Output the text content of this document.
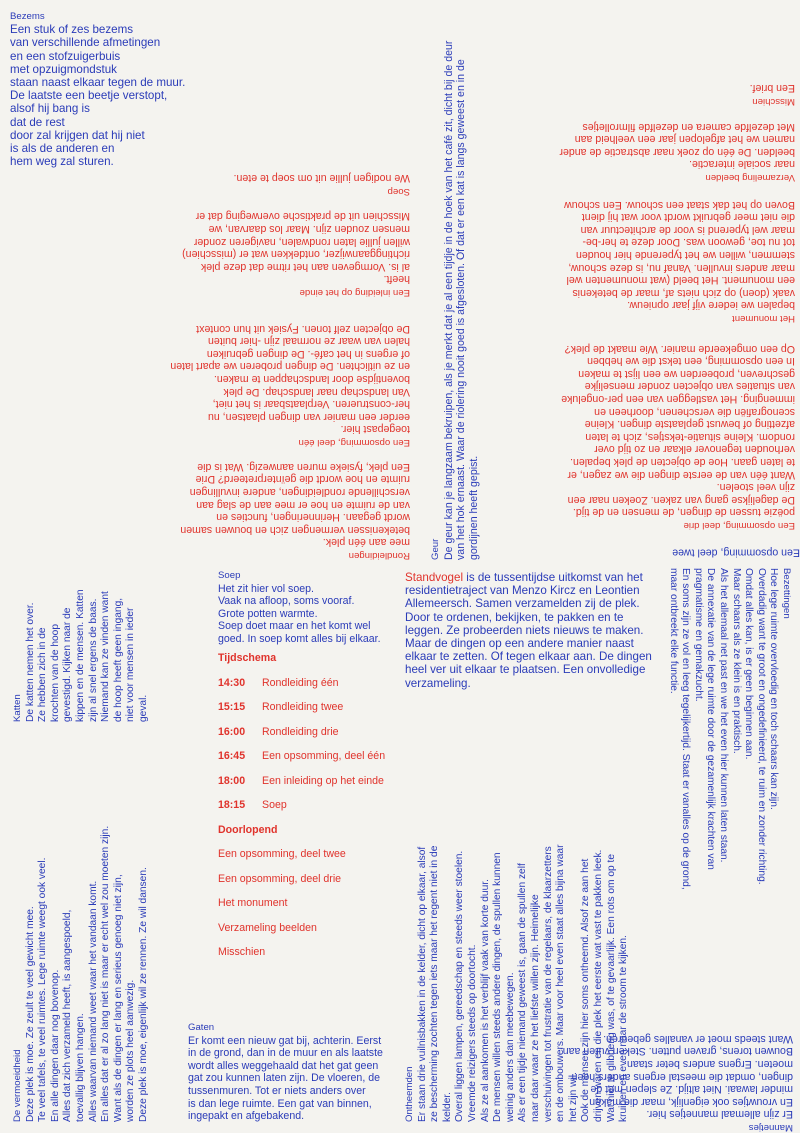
Bezems
Een stuk of zes bezems
van verschillende afmetingen
en een stofzuigerbuis
met opzuigmondstuk
staan naast elkaar tegen de muur.
De laatste een beetje verstopt,
alsof hij bang is
dat de rest
door zal krijgen dat hij niet
is als de anderen en
hem weg zal sturen.
Geur De geur kan je langzaam bekruipen, als je merkt dat je al een tijdje in de hoek van het café zit, dicht bij de deur van het hok ernaast. Waar de riolering nooit goed is afgesloten. Of dat er een kat is langs geweest en in de gordijnen heeft gepist.
Misschien
Een brief.
Verzameling beelden
naar sociale interactie.
beelden. De één op zoek naar abstractie de ander
namen we het afgelopen jaar een veelheid aan
Met dezelfde camera en dezelfde filmrolletjes
Het monument
bepalen we iedere vijf jaar opnieuw.
vaak (doen) op zich niets af, maar de betekenis
een monument. Het beeld (wat monumenten wel
maar anders invullen. Vanaf nu, is deze schouw,
stemmen, willen we het typerende hier houden
tot nu toe, gewoon was. Door deze te her-be-
maar wel typerend is voor de architectuur van
die niet meer gebruikt wordt voor wat hij dient
Boven op het dak staat een schouw. Een schouw
Een opsomming, deel drie
poëzie tussen de dingen, de mensen en de tijd.
De dagelijkse gang van zaken. Zoeken naar een
zijn veel stoelen.
Want één van de eerste dingen die we zagen, er
te laten gaan. Hoe de objecten de plek bepalen.
verhouden tegenover elkaar en zo tijd over
rondom. Kleine situatie-tekstjes, zich te laten
afzetting of bewust geplaatste dingen. Kleine
scenografiën die verschenen, doorheen en
immenging. Het vastleggen van een per-ongeluke
van situaties van objecten zonder menselijke
geschreven, probeerden we een lijst te maken
In een opsomming, een tekst die we hebben
Op een omgekeerde manier. Wie maakt de plek?
Een opsomming, deel twee
Soep
We nodigen jullie uit om soep te eten.
Een inleiding op het einde
heeft.
al is. Vormgeven aan het ritme dat deze plek
richtinggaanwijzer, ontdekken wat er (misschien)
willen jullie laten rondwalen, navigeren zonder
mensen zouden zijn. Maar los daarvan, we
Misschien uit de praktische overweging dat er
Een opsomming, deel één
toegepast hier.
eerder een manier van dingen plaatsen, nu
her-construeren. Verplaatsbaar is het niet,
Van landschap naar landschap. De plek
boventijdse door landschappen te maken.
en ze uitlichten. De dingen proberen we apart laten
of ergens in het café-. De dingen gebruiken
halen van waar ze normaal zijn -hier buiten
De objecten zelf tonen. Fysiek uit hun context
Rondleidingen
mee aan één plek.
betekenissen vermengen zich en bouwen samen
wordt gegaan. Herinneringen, functies en
van de ruimte en hoe er mee aan de slag aan
verschillende rondleidingen, andere invullingen
ruimte en hoe wordt die geïnterpreteerd? Drie
Een plek, fysieke muren aanwezig. Wat is die
Katten De katten nemen het over. Ze hebben zich in de krochten van de hoop gevestigd. Kijken naar de kippen en de mensen. Katten zijn al snel ergens de baas. Niemand kan ze vinden want de hoop heeft geen ingang, niet voor mensen in ieder geval.
De vermoeidheid Deze plek is moe. Ze zeult te veel gewicht mee. Te veel tafels, te veel ruimtes. Lege ruimte weegt ook veel. En alle dingen daar nog bovenop. Alles dat zich verzameld heeft, is aangespoeld, toevallig blijven hangen. Alles waarvan niemand weet waar het vandaan komt. En alles dat er al zo lang niet is maar er echt wel zou moeten zijn. Want als de dingen er lang en serieus genoeg niet zijn, worden ze plots heel aanwezig. Deze plek is moe, eigenlijk wil ze rennen. Ze wil dansen.
Soep
Het zit hier vol soep.
Vaak na afloop, soms vooraf.
Grote potten warmte.
Soep doet maar en het komt wel
goed. In soep komt alles bij elkaar.
Tijdschema
14:30	Rondleiding één
15:15	Rondleiding twee
16:00	Rondleiding drie
16:45	Een opsomming, deel één
18:00	Een inleiding op het einde
18:15	Soep
Doorlopend
Een opsomming, deel twee
Een opsomming, deel drie
Het monument
Verzameling beelden
Misschien
Standvogel is de tussentijdse uitkomst van het
residentietraject van Menzo Kircz en Leontien
Allemeersch. Samen verzamelden zij de plek.
Door te ordenen, bekijken, te pakken en te
leggen. Ze probeerden niets nieuws te maken.
Maar de dingen op een andere manier naast
elkaar te zetten. Of tegen elkaar aan. De dingen
heel ver uit elkaar te plaatsen. Een onvolledige
verzameling.
Bezettingen
Hoe lege ruimte overvloedig en toch schaars kan zijn.
Overdadig want te groot en ongedefinieerd, te ruim en zonder richting.
Omdat alles kan, is er geen beginnen aan.
Maar schaars als ze klein is en praktisch.
Als het allemaal net past en we het even hier kunnen laten staan.
De annexatie van de lege ruimte door de gezamenlijk krachten van
pragmatisme en gemakzucht.
En soms zijn ze vol en leeg tegelijkertijd. Staat er vanalles op de grond,
maar ontbreekt elke functie.
Ontheemden Er staan drie vuilnisbakken in de kelder, dicht op elkaar, alsof ze bescherming zochten tegen iets maar het regent niet in de kelder. Overal liggen lampen, gereedschap en steeds weer stoelen. Vreemde reizigers steeds op doortocht. Als ze al aankomen is het verblijf vaak van korte duur. De mensen willen steeds andere dingen, de spullen kunnen weinig anders dan meebewegen. Als er een tijdje niemand geweest is, gaan de spullen zelf naar daar waar ze het liefste willen zijn. Heimelijke verschuivingen tot frustratie van de regelaars, de klaarzetters en de ombouwers. Maar voor heel even staat alles bijna waar het zijn wil. Ook de mensen zijn hier soms ontheemd. Alsof ze aan het drijven waren en die plek het eerste wat vast te pakken leek. Wat niet te glibberig was, of te gevaarlijk. Een rots om op te kruipen en even naar de stroom te kijken.
Mannetjes
Er zijn allemaal mannetjes hier.
En vrouwtjes ook eigenlijk, maar die maken
minder lawaai. Niet altijd. Ze slepen met de
dingen, omdat die meestal ergens anders heen
moeten. Ergens anders beter staan.
Bouwen torens, graven putten. Steken vuren aan.
Want steeds moet er vanalles gebeuren.
Gaten
Er komt een nieuw gat bij, achterin. Eerst
in de grond, dan in de muur en als laatste
wordt alles weggehaald dat het gat geen
gat zou kunnen laten zijn. De vloeren, de
tussenmuren. Tot er niets anders over
is dan lege ruimte. Een gat van binnen,
ingepakt en afgebakend.
